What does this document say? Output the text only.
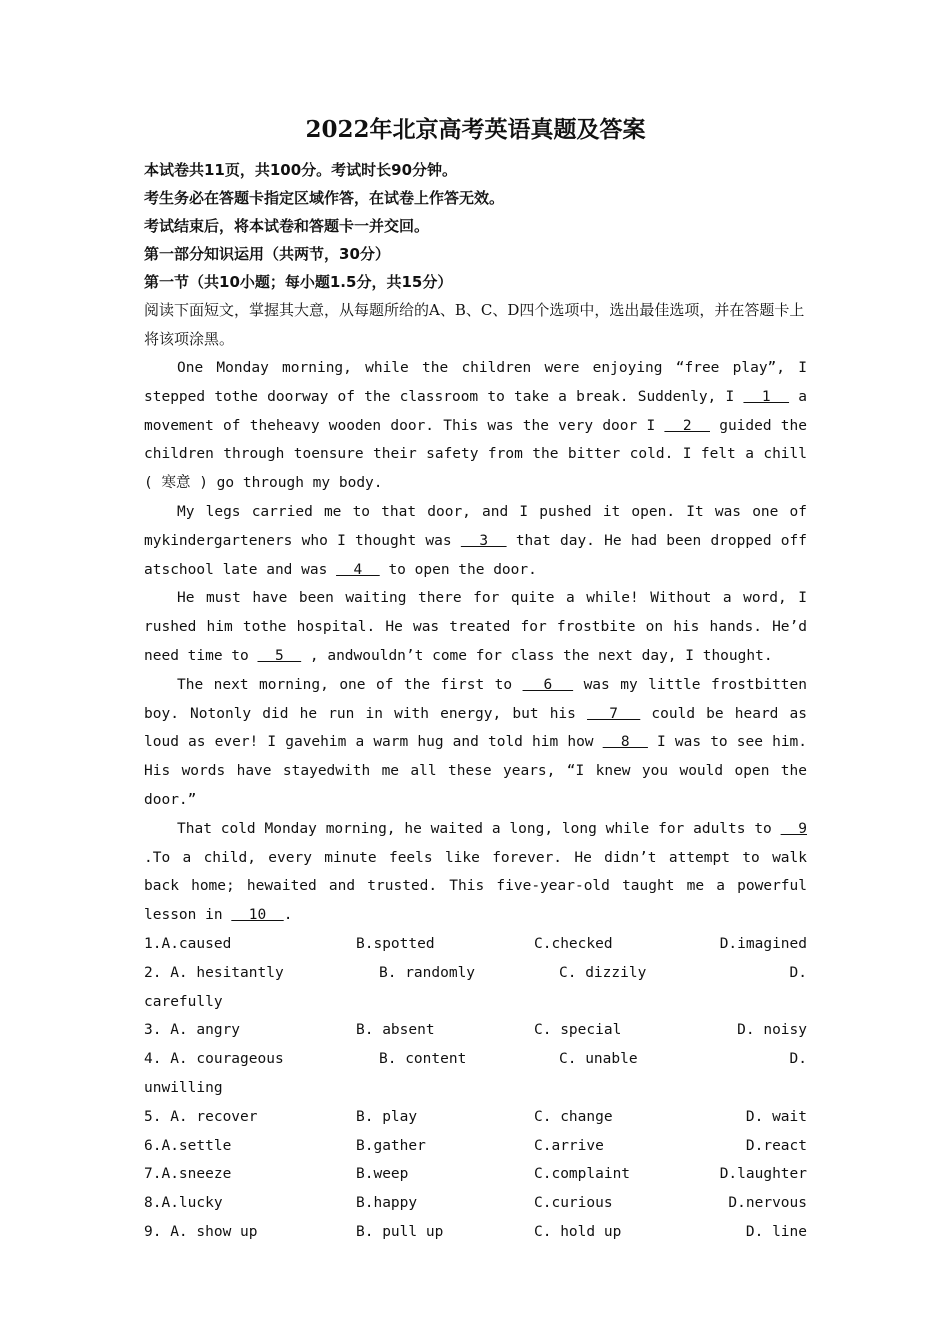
2022年北京高考英语真题及答案
本试卷共11页，共100分。考试时长90分钟。
考生务必在答题卡指定区域作答，在试卷上作答无效。
考试结束后，将本试卷和答题卡一并交回。
第一部分知识运用（共两节，30分）
第一节（共10小题；每小题1.5分，共15分）

阅读下面短文，掌握其大意，从每题所给的A、B、C、D四个选项中，选出最佳选项，并在答题卡上将该项涂黑。

One Monday morning, while the children were enjoying “free play”, I stepped tothe doorway of the classroom to take a break. Suddenly, I   1   a movement of theheavy wooden door. This was the very door I   2   guided the children through toensure their safety from the bitter cold. I felt a chill ( 寒意 ) go through my body.

My legs carried me to that door, and I pushed it open. It was one of mykindergarteners who I thought was   3   that day. He had been dropped off atschool late and was   4   to open the door.

He must have been waiting there for quite a while! Without a word, I rushed him tothe hospital. He was treated for frostbite on his hands. He’d need time to   5   , andwouldn’t come for class the next day, I thought.

The next morning, one of the first to   6   was my little frostbitten boy. Notonly did he run in with energy, but his   7   could be heard as loud as ever! I gavehim a warm hug and told him how   8   I was to see him. His words have stayedwith me all these years, “I knew you would open the door.”

That cold Monday morning, he waited a long, long while for adults to   9 .To a child, every minute feels like forever. He didn’t attempt to walk back home; hewaited and trusted. This five-year-old taught me a powerful lesson in   10  .

1.A.caused	B.spotted	C.checked	D.imagined
2. A. hesitantly	B. randomly	C. dizzily	D.
carefully
3. A. angry	B. absent	C. special	D. noisy
4. A. courageous	B. content	C. unable	D.
unwilling
5. A. recover	B. play	C. change	D. wait
6.A.settle	B.gather	C.arrive	D.react
7.A.sneeze	B.weep	C.complaint	D.laughter
8.A.lucky	B.happy	C.curious	D.nervous
9. A. show up	B. pull up	C. hold up	D. line
